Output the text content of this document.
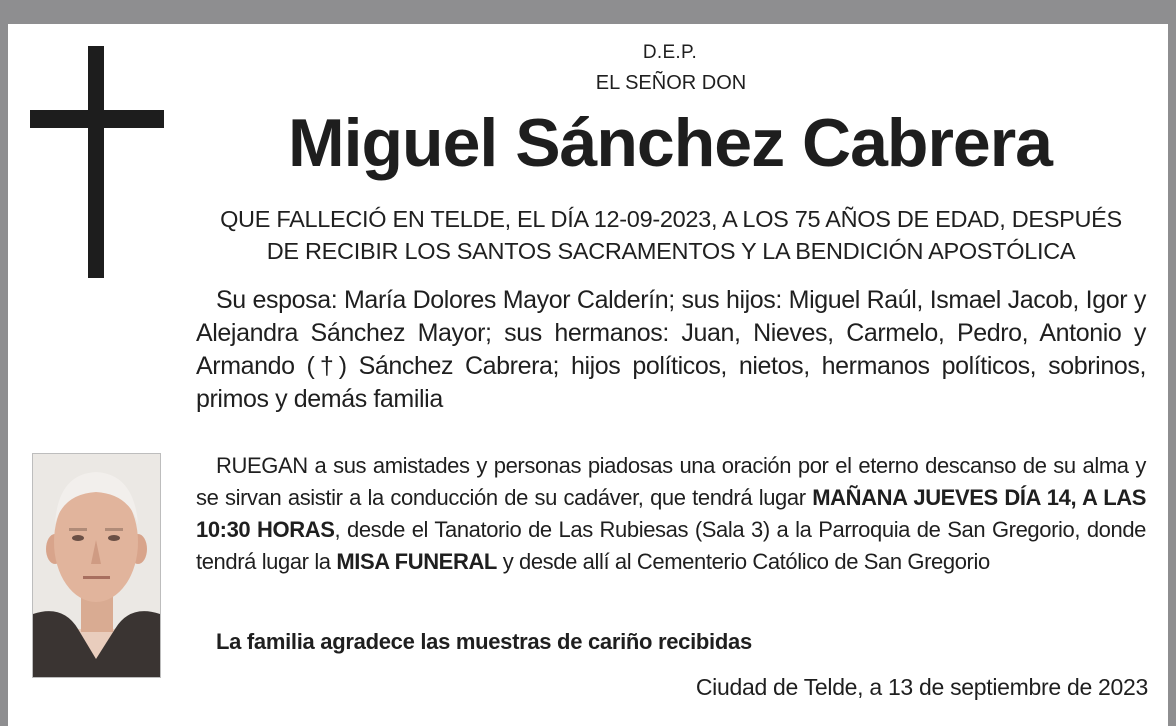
D.E.P.
EL SEÑOR DON
Miguel Sánchez Cabrera
QUE FALLECIÓ EN TELDE, EL DÍA 12-09-2023, A LOS 75 AÑOS DE EDAD, DESPUÉS
DE RECIBIR LOS SANTOS SACRAMENTOS Y LA BENDICIÓN APOSTÓLICA
Su esposa: María Dolores Mayor Calderín; sus hijos: Miguel Raúl, Ismael Jacob, Igor y Alejandra Sánchez Mayor; sus hermanos: Juan, Nieves, Carmelo, Pedro, Antonio y Armando (†) Sánchez Cabrera; hijos políticos, nietos, hermanos políticos, sobrinos, primos y demás familia
RUEGAN a sus amistades y personas piadosas una oración por el eterno descanso de su alma y se sirvan asistir a la conducción de su cadáver, que tendrá lugar MAÑANA JUEVES DÍA 14, A LAS 10:30 HORAS, desde el Tanatorio de Las Rubiesas (Sala 3) a la Parroquia de San Gregorio, donde tendrá lugar la MISA FUNERAL y desde allí al Cementerio Católico de San Gregorio
La familia agradece las muestras de cariño recibidas
Ciudad de Telde, a 13 de septiembre de 2023
